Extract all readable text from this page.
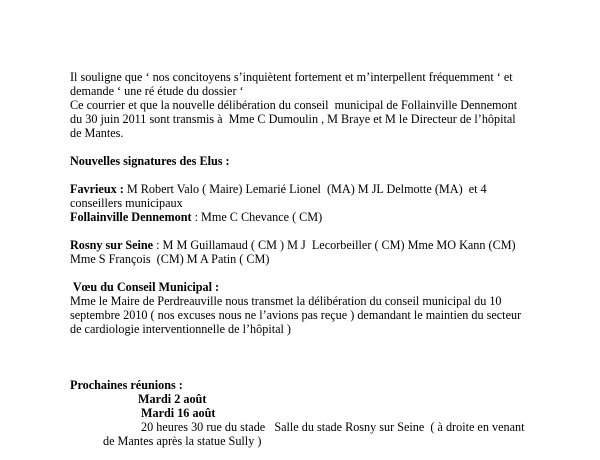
Il souligne que ‘ nos concitoyens s’inquiètent fortement et m’interpellent fréquemment ‘ et
demande ‘ une ré étude du dossier ‘
Ce courrier et que la nouvelle délibération du conseil  municipal de Follainville Dennemont
du 30 juin 2011 sont transmis à  Mme C Dumoulin , M Braye et M le Directeur de l’hôpital
de Mantes.
Nouvelles signatures des Elus :
Favrieux : M Robert Valo ( Maire) Lemarié Lionel  (MA) M JL Delmotte (MA)  et 4
conseillers municipaux
Follainville Dennemont : Mme C Chevance ( CM)
Rosny sur Seine : M M Guillamaud ( CM ) M J  Lecorbeiller ( CM) Mme MO Kann (CM)
Mme S François  (CM) M A Patin ( CM)
Vœu du Conseil Municipal :
Mme le Maire de Perdreauville nous transmet la délibération du conseil municipal du 10
septembre 2010 ( nos excuses nous ne l’avions pas reçue ) demandant le maintien du secteur
de cardiologie interventionnelle de l’hôpital )
Prochaines réunions :
Mardi 2 août
Mardi 16 août
20 heures 30 rue du stade   Salle du stade Rosny sur Seine  ( à droite en venant
de Mantes après la statue Sully )
